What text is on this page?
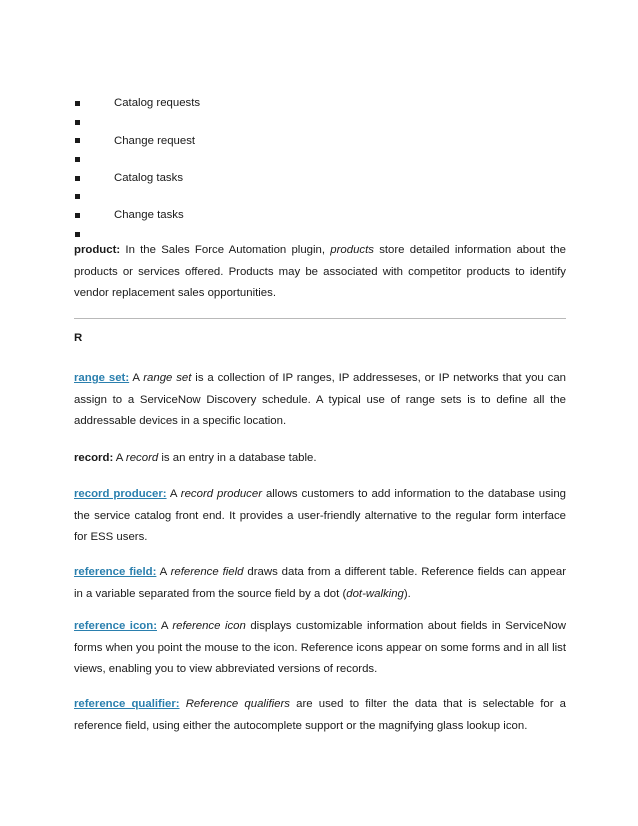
Catalog requests
Change request
Catalog tasks
Change tasks

product: In the Sales Force Automation plugin, products store detailed information about the products or services offered. Products may be associated with competitor products to identify vendor replacement sales opportunities.

R

range set: A range set is a collection of IP ranges, IP addresseses, or IP networks that you can assign to a ServiceNow Discovery schedule. A typical use of range sets is to define all the addressable devices in a specific location.

record: A record is an entry in a database table.

record producer: A record producer allows customers to add information to the database using the service catalog front end. It provides a user-friendly alternative to the regular form interface for ESS users.

reference field: A reference field draws data from a different table. Reference fields can appear in a variable separated from the source field by a dot (dot-walking).

reference icon: A reference icon displays customizable information about fields in ServiceNow forms when you point the mouse to the icon. Reference icons appear on some forms and in all list views, enabling you to view abbreviated versions of records.

reference qualifier: Reference qualifiers are used to filter the data that is selectable for a reference field, using either the autocomplete support or the magnifying glass lookup icon.
